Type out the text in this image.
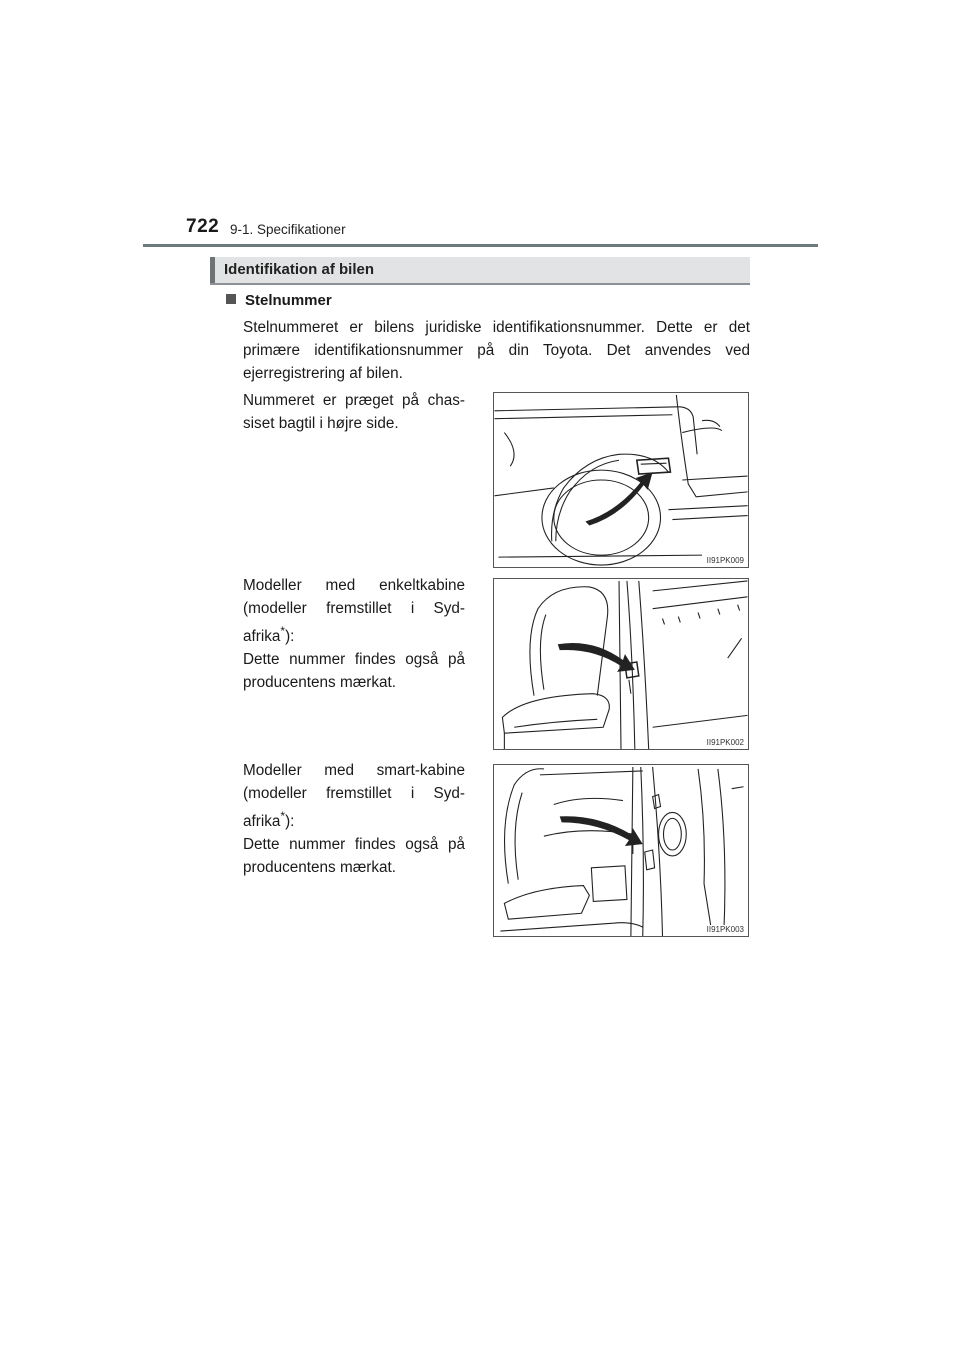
722 9-1. Specifikationer
Identifikation af bilen
Stelnummer
Stelnummeret er bilens juridiske identifikationsnummer. Dette er det primære identifikationsnummer på din Toyota. Det anvendes ved ejerregistrering af bilen.

Nummeret er præget på chassiset bagtil i højre side.

II91PK009

Modeller med enkeltkabine (modeller fremstillet i Sydafrika*):

Dette nummer findes også på producentens mærkat.

II91PK002

Modeller med smart-kabine (modeller fremstillet i Sydafrika*):

Dette nummer findes også på producentens mærkat.

II91PK003
